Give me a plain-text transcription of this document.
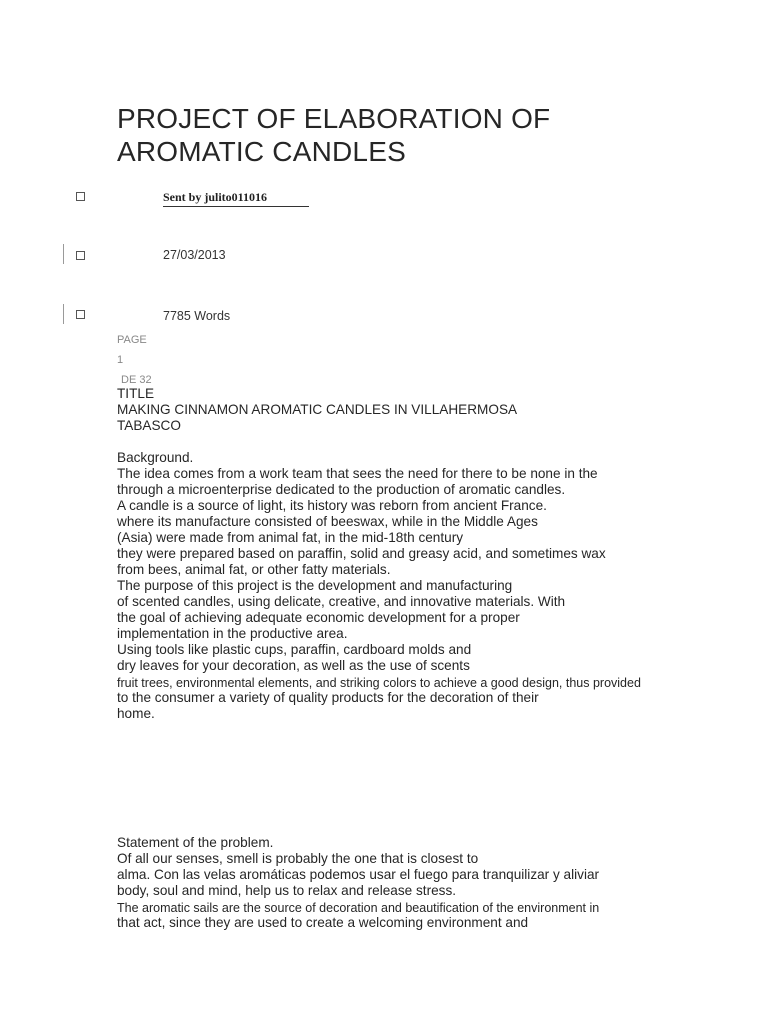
PROJECT OF ELABORATION OF
AROMATIC CANDLES
Sent by julito011016
27/03/2013
7785 Words
PAGE
1
DE 32
TITLE
MAKING CINNAMON AROMATIC CANDLES IN VILLAHERMOSA
TABASCO
Background.
The idea comes from a work team that sees the need for there to be none in the
through a microenterprise dedicated to the production of aromatic candles.
A candle is a source of light, its history was reborn from ancient France.
where its manufacture consisted of beeswax, while in the Middle Ages
(Asia) were made from animal fat, in the mid-18th century
they were prepared based on paraffin, solid and greasy acid, and sometimes wax
from bees, animal fat, or other fatty materials.
The purpose of this project is the development and manufacturing
of scented candles, using delicate, creative, and innovative materials. With
the goal of achieving adequate economic development for a proper
implementation in the productive area.
Using tools like plastic cups, paraffin, cardboard molds and
dry leaves for your decoration, as well as the use of scents
fruit trees, environmental elements, and striking colors to achieve a good design, thus provided
to the consumer a variety of quality products for the decoration of their
home.
Statement of the problem.
Of all our senses, smell is probably the one that is closest to
alma. Con las velas aromáticas podemos usar el fuego para tranquilizar y aliviar
body, soul and mind, help us to relax and release stress.
The aromatic sails are the source of decoration and beautification of the environment in
that act, since they are used to create a welcoming environment and
